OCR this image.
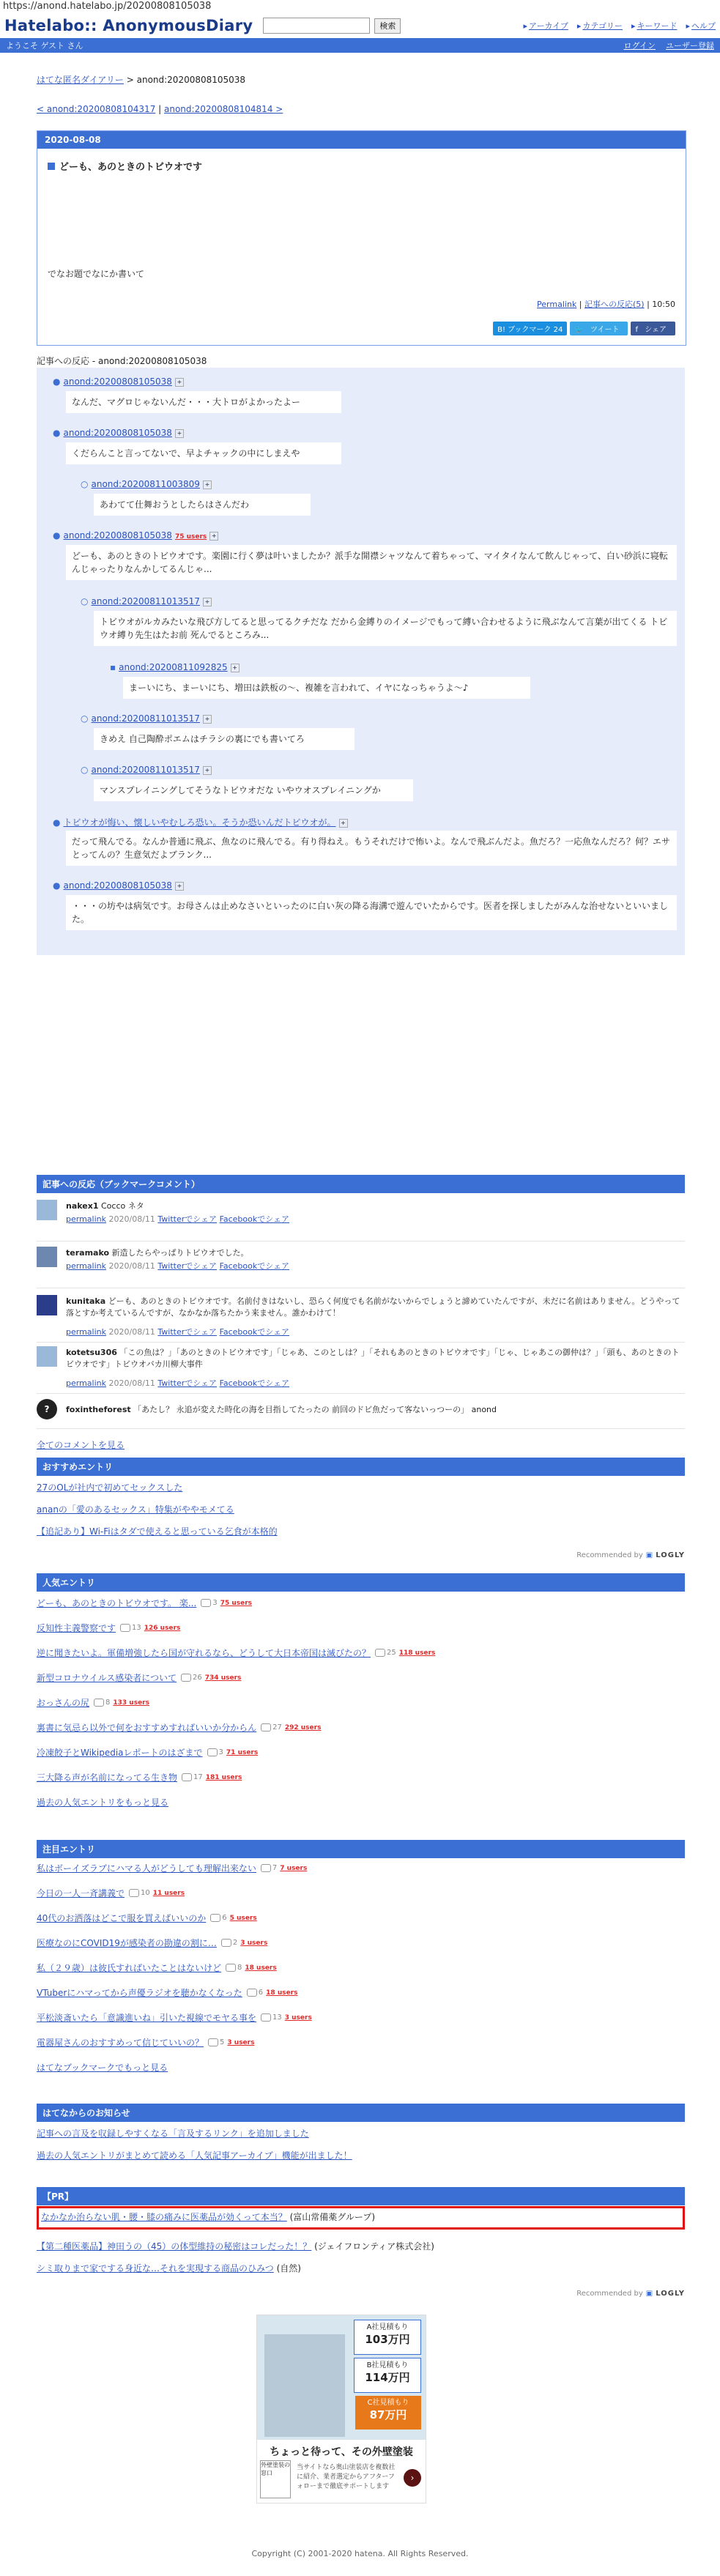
https://anond.hatelabo.jp/20200808105038
Hatelabo:: AnonymousDiary	検索	▸ アーカイブ ▸ カテゴリー ▸ キーワード ▸ ヘルプ
ようこそ ゲスト さん	ログイン ユーザー登録
はてな匿名ダイアリー > anond:20200808105038
< anond:20200808104317 | anond:20200808104814 >
2020-08-08
どーも、あのときのトビウオです
でなお題でなにか書いて
Permalink | 記事への反応(5) | 10:50
B! ブックマーク 24	🐦 ツイート	f シェア
記事への反応 - anond:20200808105038
● anond:20200808105038 +
なんだ、マグロじゃないんだ・・・大トロがよかったよー
● anond:20200808105038 +
くだらんこと言ってないで、早よチャックの中にしまえや
○ anond:20200811003809 +
あわてて仕舞おうとしたらはさんだわ
● anond:20200808105038 75 users +
どーも、あのときのトビウオです。楽園に行く夢は叶いましたか？派手な開襟シャツなんて着ちゃって、マイタイなんて飲んじゃって、白い砂浜に寝転んじゃったりなんかしてるんじゃ...
○ anond:20200811013517 +
トビウオがルカみたいな飛び方してると思ってるクチだな だから金縛りのイメージでもって縛い合わせるように飛ぶなんて言葉が出てくる トビウオ縛り先生はたお前 死んでるところみ...
▪ anond:20200811092825 +
まーいにち、まーいにち、増田は鉄板の〜、複雑を言われて、イヤになっちゃうよ〜♪
○ anond:20200811013517 +
きめえ 自己陶酔ポエムはチラシの裏にでも書いてろ
○ anond:20200811013517 +
マンスプレイニングしてそうなトビウオだな いやウオスプレイニングか
● トビウオが悔い、懐しいやむしろ恐い。そうか恐いんだトビウオが。 +
だって飛んでる。なんか普通に飛ぶ、魚なのに飛んでる。有り得ねえ。もうそれだけで怖いよ。なんで飛ぶんだよ。魚だろ？一応魚なんだろ？何？エサとってんの？生意気だよブランク...
● anond:20200808105038 +
・・・の坊やは病気です。お母さんは止めなさいといったのに白い灰の降る海溝で遊んでいたからです。医者を探しましたがみんな治せないといいました。
記事への反応（ブックマークコメント）
nakex1 Cocco ネタ
permalink 2020/08/11 Twitterでシェア Facebookでシェア
teramako 新造したらやっぱりトビウオでした。
permalink 2020/08/11 Twitterでシェア Facebookでシェア
kunitaka どーも、あのときのトビウオです。名前付きはないし、恐らく何度でも名前がないからでしょうと諦めていたんですが、未だに名前はありません。どうやって落とすか考えているんですが、なかなか落ちたかう来ません。誰かわけて！
permalink 2020/08/11 Twitterでシェア Facebookでシェア
kotetsu306 「この魚は？」「あのときのトビウオです」「じゃあ、このとしは？」「それもあのときのトビウオです」「じゃ、じゃあこの御仲は？」「頭も、あのときのトビウオです」トビウオバカ川柳大事件
permalink 2020/08/11 Twitterでシェア Facebookでシェア
?	foxintheforest 「あたし？ 永追が変えた時化の海を目指してたったの 前回のドビ魚だって客ないっつーの」 anond
全てのコメントを見る
おすすめエントリ
27のOLが社内で初めてセックスした
ananの「愛のあるセックス」特集がややモメてる
【追記あり】Wi-Fiはタダで使えると思っている乞食が本格的
Recommended by ▣ LOGLY
人気エントリ
どーも、あのときのトビウオです。 楽... 3 75 users
反知性主義警察です 13 126 users
逆に聞きたいよ。軍備増強したら国が守れるなら、どうして大日本帝国は滅びたの？ 25 118 users
新型コロナウイルス感染者について 26 734 users
おっさんの尻 8 133 users
裏書に気忌ら以外で何をおすすめすればいいか分からん 27 292 users
冷凍餃子とWikipediaレポートのはざまで 3 71 users
三大降る声が名前になってる生き物 17 181 users
過去の人気エントリをもっと見る
注目エントリ
私はボーイズラブにハマる人がどうしても理解出来ない 7 7 users
今日の一人一斉講義で 10 11 users
40代のお洒落はどこで服を買えばいいのか 6 5 users
医療なのにCOVID19が感染者の勘違の割に… 2 3 users
私（２９歳）は彼氏すればいたことはないけど 8 18 users
VTuberにハマってから声優ラジオを聴かなくなった 6 18 users
平松淡斎いたら「意識進いね」引いた視線でモヤる事を 13 3 users
電器屋さんのおすすめって信じていいの？ 5 3 users
はてなブックマークでもっと見る
はてなからのお知らせ
記事への言及を収録しやすくなる「言及するリンク」を追加しました
過去の人気エントリがまとめて読める「人気記事アーカイブ」機能が出ました！
【PR】
なかなか治らない肌・腰・膝の痛みに医薬品が効くって本当？ (富山常備薬グループ)
【第二種医薬品】神田うの（45）の体型維持の秘密はコレだった！？ (ジェイフロンティア株式会社)
シミ取りまで家でする身近な…それを実現する商品のひみつ (自然)
Recommended by ▣ LOGLY
A社見積もり
103万円
B社見積もり
114万円
C社見積もり
87万円
ちょっと待って、その外壁塗装
外壁塗装の窓口
当サイトなら奥山塗装店を複数社に紹介、業者選定からアフターフォローまで徹底サポートします
›
Copyright (C) 2001-2020 hatena. All Rights Reserved.
